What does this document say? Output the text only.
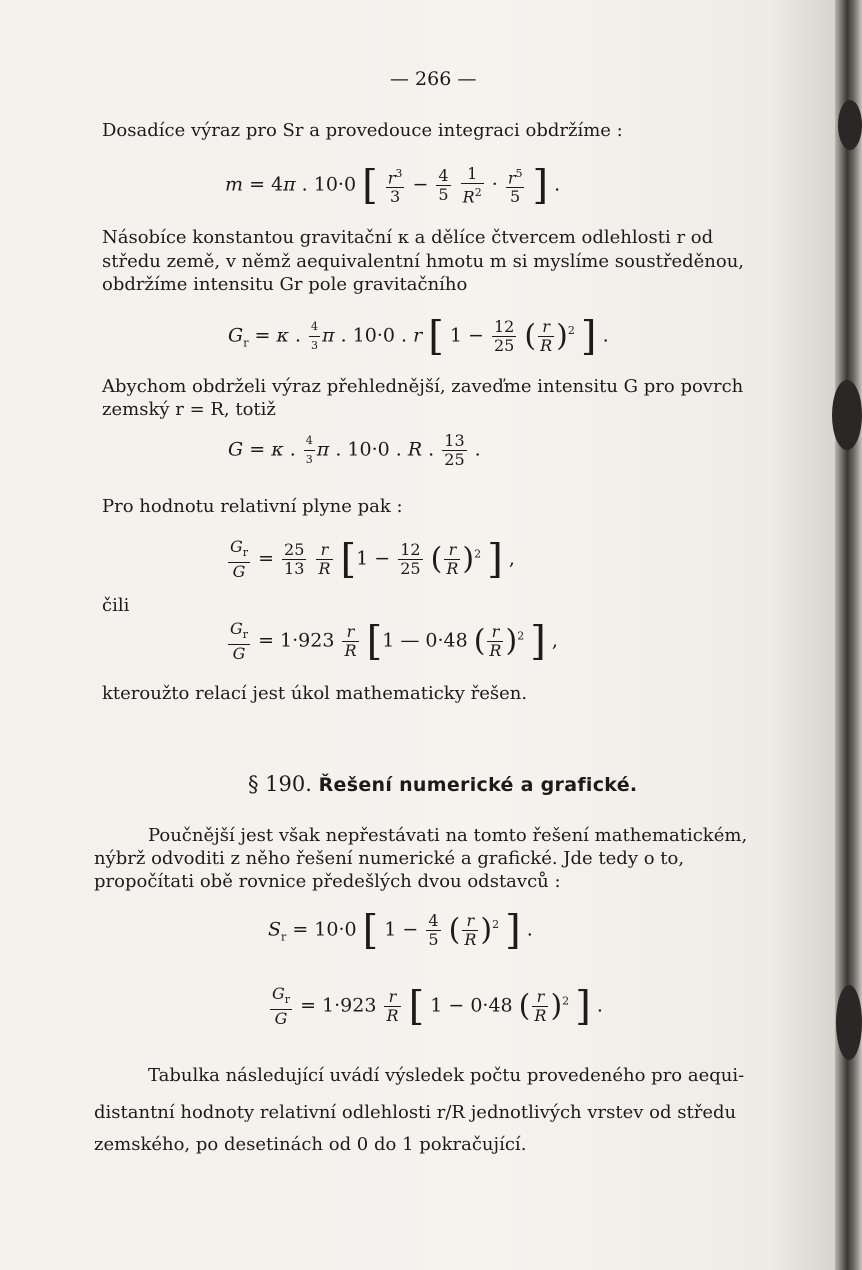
— 266 —
Dosadíce výraz pro Sr a provedouce integraci obdržíme :
m = 4π . 10·0 [ $\frac{r^3}{3} - \frac{4}{5}$
$\frac{1}{R^2} \cdot \frac{r^5}{5}$ ] .
Násobíce konstantou gravitační κ a dělíce čtvercem odlehlosti r od
středu země, v němž aequivalentní hmotu m si myslíme soustředěnou,
obdržíme intensitu Gr pole gravitačního
$G_r = \kappa$ . $\frac{4}{3}$ π . 10·0 . r [ $1 - \frac{12}{25}$ ( $\frac{r}{R} )^2$ ] .
Abychom obdrželi výraz přehlednější, zaveďme intensitu G pro povrch
zemský r = R, totiž
G = κ . $\frac{4}{3}$ π . 10·0 . R . $\frac{13}{25}$ .
Pro hodnotu relativní plyne pak :
$\frac{G_r}{G} = \frac{25}{13}$
$\frac{r}{R} [1 - \frac{12}{25}$ ( $\frac{r}{R} )^2$ ] ,
čili
$\frac{G_r}{G} = 1\cdot 923 \frac{r}{R} [1$ — 0·48 ( $\frac{r}{R} )^2$ ] ,
kteroužto relací jest úkol mathematicky řešen.
§ 190. Řešení numerické a grafické.
Poučnější jest však nepřestávati na tomto řešení mathematickém,
nýbrž odvoditi z něho řešení numerické a grafické. Jde tedy o to,
propočítati obě rovnice předešlých dvou odstavců :
$S_r = 10\cdot 0$ [ $1 - \frac{4}{5}$ ( $\frac{r}{R} )^2$ ] .
$\frac{G_r}{G} = 1\cdot 923 \frac{r}{R}$ [ 1 − 0·48 ( $\frac{r}{R} )^2$ ] .
Tabulka následující uvádí výsledek počtu provedeného pro aequi-
distantní hodnoty relativní odlehlosti r/R jednotlivých vrstev od středu
zemského, po desetinách od 0 do 1 pokračující.
